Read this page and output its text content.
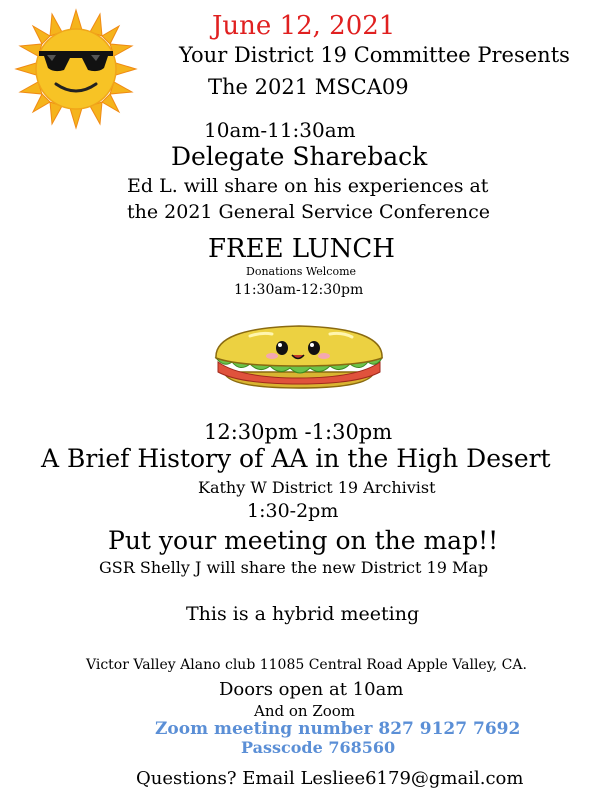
June 12, 2021
Your District 19 Committee Presents
The 2021 MSCA09
10am-11:30am
Delegate Shareback
Ed L. will share on his experiences at
the 2021 General Service Conference
FREE LUNCH
Donations Welcome
11:30am-12:30pm
12:30pm -1:30pm
A Brief History of AA in the High Desert
Kathy W District 19 Archivist
1:30-2pm
Put your meeting on the map!!
GSR Shelly J will share the new District 19 Map
This is a hybrid meeting
Victor Valley Alano club 11085 Central Road Apple Valley, CA.
Doors open at 10am
And on Zoom
Zoom meeting number 827 9127 7692
Passcode 768560
Questions? Email Lesliee6179@gmail.com
